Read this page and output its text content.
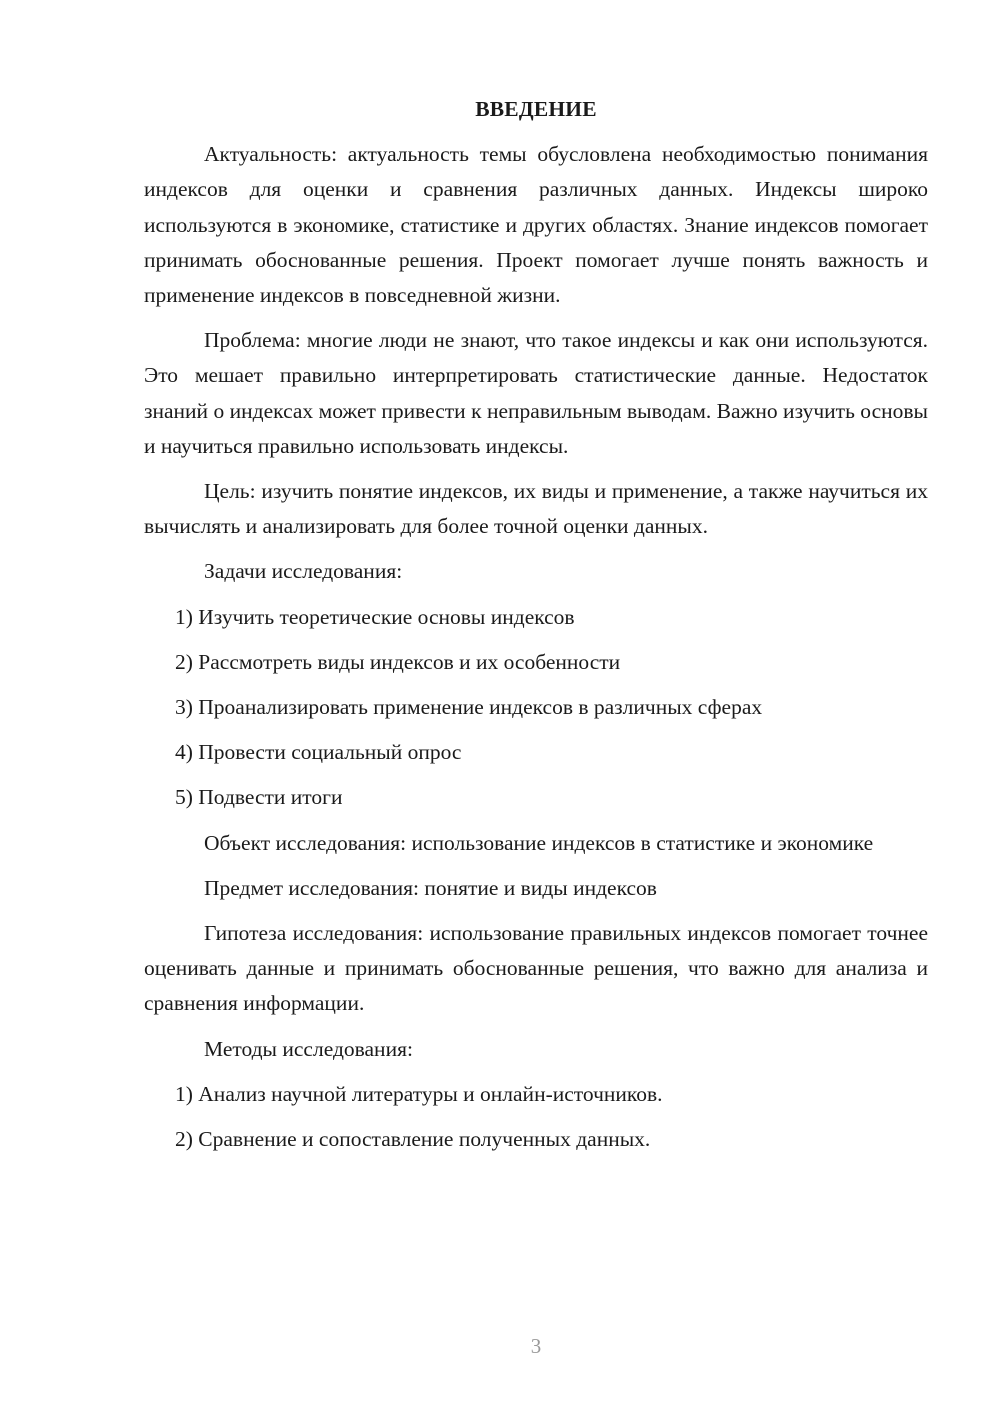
ВВЕДЕНИЕ
Актуальность: актуальность темы обусловлена необходимостью понимания индексов для оценки и сравнения различных данных. Индексы широко используются в экономике, статистике и других областях. Знание индексов помогает принимать обоснованные решения. Проект помогает лучше понять важность и применение индексов в повседневной жизни.
Проблема: многие люди не знают, что такое индексы и как они используются. Это мешает правильно интерпретировать статистические данные. Недостаток знаний о индексах может привести к неправильным выводам. Важно изучить основы и научиться правильно использовать индексы.
Цель: изучить понятие индексов, их виды и применение, а также научиться их вычислять и анализировать для более точной оценки данных.
Задачи исследования:
1) Изучить теоретические основы индексов
2) Рассмотреть виды индексов и их особенности
3) Проанализировать применение индексов в различных сферах
4) Провести социальный опрос
5) Подвести итоги
Объект исследования: использование индексов в статистике и экономике
Предмет исследования: понятие и виды индексов
Гипотеза исследования: использование правильных индексов помогает точнее оценивать данные и принимать обоснованные решения, что важно для анализа и сравнения информации.
Методы исследования:
1) Анализ научной литературы и онлайн-источников.
2) Сравнение и сопоставление полученных данных.
3
